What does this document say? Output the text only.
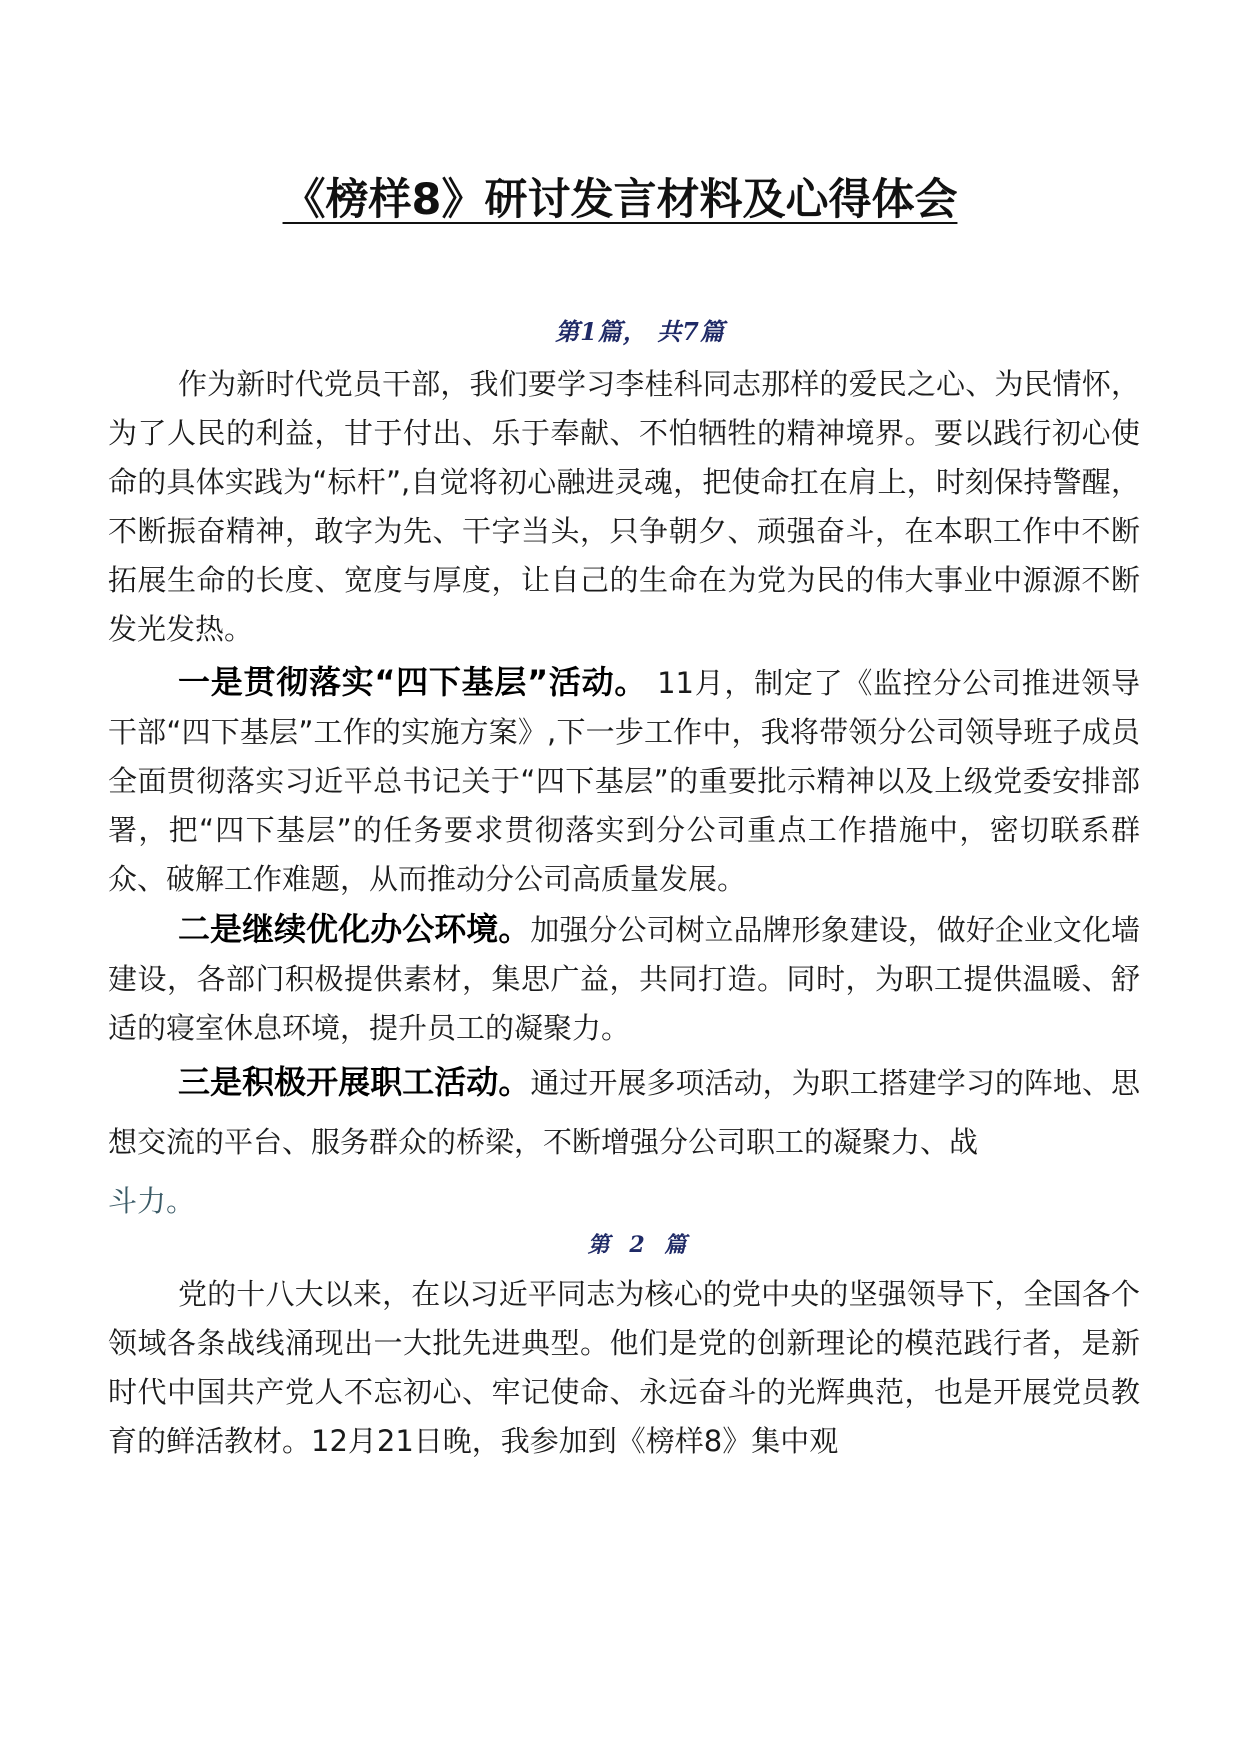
《榜样8》研讨发言材料及心得体会
第1篇， 共7篇

作为新时代党员干部，我们要学习李桂科同志那样的爱民之心、为民情怀，为了人民的利益，甘于付出、乐于奉献、不怕牺牲的精神境界。要以践行初心使命的具体实践为“标杆”,自觉将初心融进灵魂，把使命扛在肩上，时刻保持警醒，不断振奋精神，敢字为先、干字当头，只争朝夕、顽强奋斗，在本职工作中不断拓展生命的长度、宽度与厚度，让自己的生命在为党为民的伟大事业中源源不断发光发热。

一是贯彻落实“四下基层”活动。 11月，制定了《监控分公司推进领导干部“四下基层”工作的实施方案》,下一步工作中，我将带领分公司领导班子成员全面贯彻落实习近平总书记关于“四下基层”的重要批示精神以及上级党委安排部署，把“四下基层”的任务要求贯彻落实到分公司重点工作措施中，密切联系群众、破解工作难题，从而推动分公司高质量发展。

二是继续优化办公环境。加强分公司树立品牌形象建设，做好企业文化墙建设，各部门积极提供素材，集思广益，共同打造。同时，为职工提供温暖、舒适的寝室休息环境，提升员工的凝聚力。

三是积极开展职工活动。通过开展多项活动，为职工搭建学习的阵地、思想交流的平台、服务群众的桥梁，不断增强分公司职工的凝聚力、战
斗力。

第 2 篇

党的十八大以来，在以习近平同志为核心的党中央的坚强领导下，全国各个领域各条战线涌现出一大批先进典型。他们是党的创新理论的模范践行者，是新时代中国共产党人不忘初心、牢记使命、永远奋斗的光辉典范，也是开展党员教育的鲜活教材。12月21日晚，我参加到《榜样8》集中观
